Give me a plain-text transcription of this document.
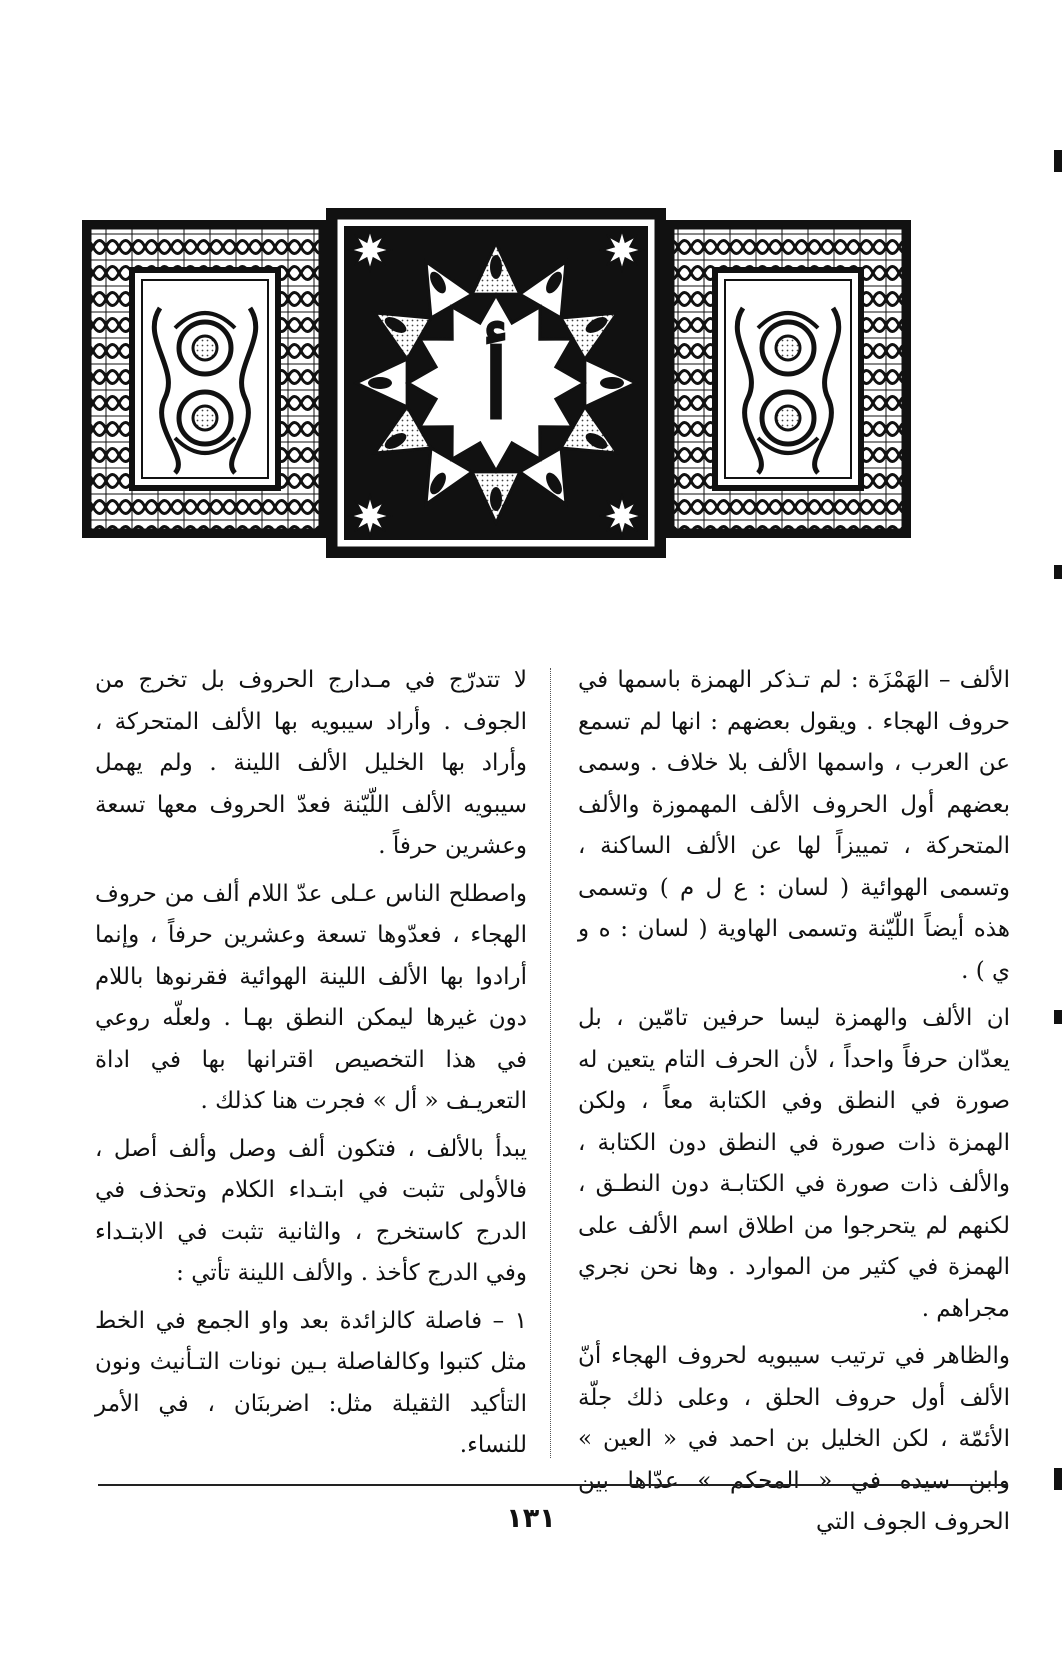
أ

الألف – الهَمْزَة : لم تـذكر الهمزة باسمها في حروف الهجاء . ويقول بعضهم : انها لم تسمع عن العرب ، واسمها الألف بلا خلاف . وسمى بعضهم أول الحروف الألف المهموزة والألف المتحركة ، تمييزاً لها عن الألف الساكنة ، وتسمى الهوائية ( لسان : ع ل م ) وتسمى هذه أيضاً اللّيّنة وتسمى الهاوية ( لسان : ه و ي ) .

ان الألف والهمزة ليسا حرفين تامّين ، بل يعدّان حرفاً واحداً ، لأن الحرف التام يتعين له صورة في النطق وفي الكتابة معاً ، ولكن الهمزة ذات صورة في النطق دون الكتابة ، والألف ذات صورة في الكتابـة دون النطـق ، لكنهم لم يتحرجوا من اطلاق اسم الألف على الهمزة في كثير من الموارد . وها نحن نجري مجراهم .

والظاهر في ترتيب سيبويه لحروف الهجاء أنّ الألف أول حروف الحلق ، وعلى ذلك جلّة الأئمّة ، لكن الخليل بن احمد في « العين » وابن سيده في « المحكم » عدّاها بين الحروف الجوف التي

لا تتدرّج في مـدارج الحروف بل تخرج من الجوف . وأراد سيبويه بها الألف المتحركة ، وأراد بها الخليل الألف اللينة . ولم يهمل سيبويه الألف اللّيّنة فعدّ الحروف معها تسعة وعشرين حرفاً .

واصطلح الناس عـلى عدّ اللام ألف من حروف الهجاء ، فعدّوها تسعة وعشرين حرفاً ، وإنما أرادوا بها الألف اللينة الهوائية فقرنوها باللام دون غيرها ليمكن النطق بهـا . ولعلّه روعي في هذا التخصيص اقترانها بها في اداة التعريـف « أل » فجرت هنا كذلك .

يبدأ بالألف ، فتكون ألف وصل وألف أصل ، فالأولى تثبت في ابتـداء الكلام وتحذف في الدرج كاستخرج ، والثانية تثبت في الابتـداء وفي الدرج كأخذ . والألف اللينة تأتي :

١ – فاصلة كالزائدة بعد واو الجمع في الخط مثل كتبوا وكالفاصلة بـين نونات التـأنيث ونون التأكيد الثقيلة مثل: اضربنَان ، في الأمر للنساء.

١٣١
